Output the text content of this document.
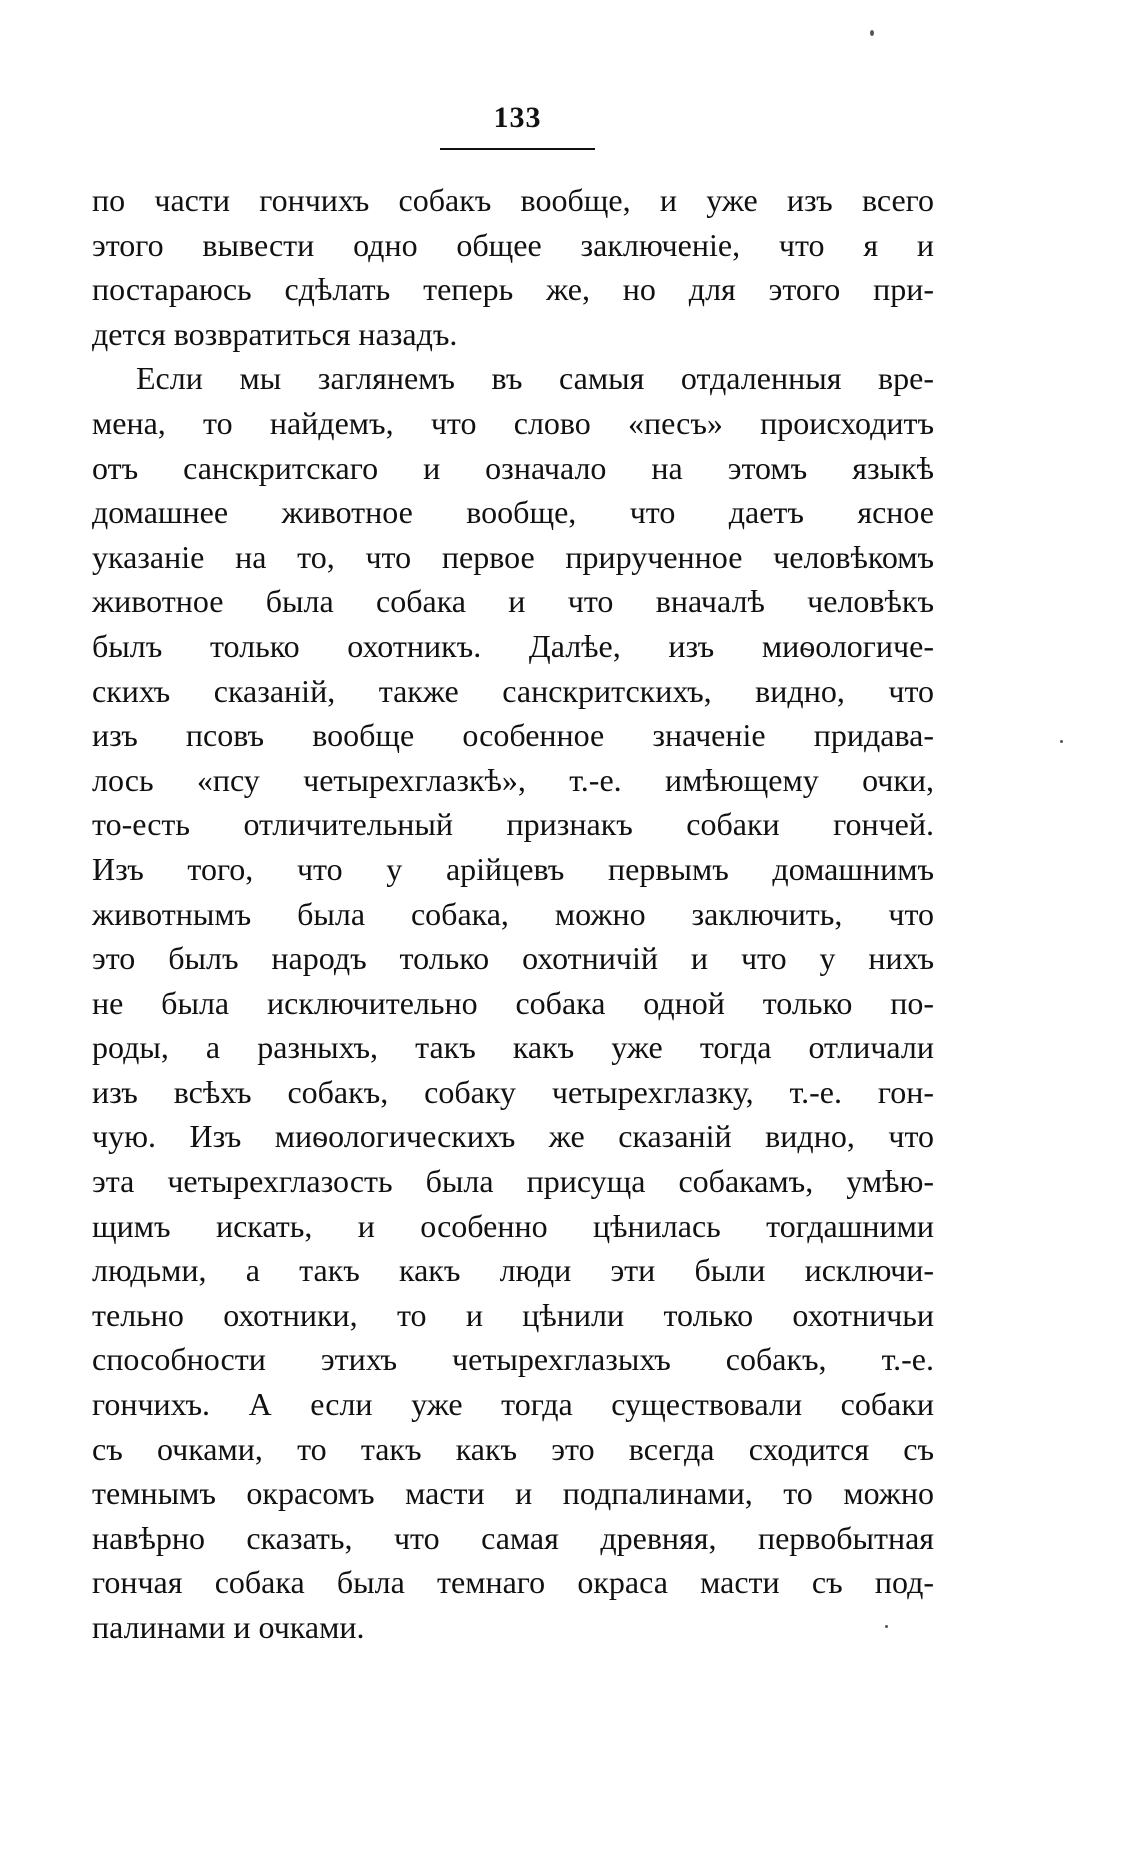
133
по части гончихъ собакъ вообще, и уже изъ всего
этого вывести одно общее заключеніе, что я и
постараюсь сдѣлать теперь же, но для этого при-
дется возвратиться назадъ.
Если мы заглянемъ въ самыя отдаленныя вре-
мена, то найдемъ, что слово «песъ» происходитъ
отъ санскритскаго и означало на этомъ языкѣ
домашнее животное вообще, что даетъ ясное
указаніе на то, что первое прирученное человѣкомъ
животное была собака и что вначалѣ человѣкъ
былъ только охотникъ. Далѣе, изъ миѳологиче-
скихъ сказаній, также санскритскихъ, видно, что
изъ псовъ вообще особенное значеніе придава-
лось «псу четырехглазкѣ», т.-е. имѣющему очки,
то-есть отличительный признакъ собаки гончей.
Изъ того, что у арійцевъ первымъ домашнимъ
животнымъ была собака, можно заключить, что
это былъ народъ только охотничій и что у нихъ
не была исключительно собака одной только по-
роды, а разныхъ, такъ какъ уже тогда отличали
изъ всѣхъ собакъ, собаку четырехглазку, т.-е. гон-
чую. Изъ миѳологическихъ же сказаній видно, что
эта четырехглазость была присуща собакамъ, умѣю-
щимъ искать, и особенно цѣнилась тогдашними
людьми, а такъ какъ люди эти были исключи-
тельно охотники, то и цѣнили только охотничьи
способности этихъ четырехглазыхъ собакъ, т.-е.
гончихъ. А если уже тогда существовали собаки
съ очками, то такъ какъ это всегда сходится съ
темнымъ окрасомъ масти и подпалинами, то можно
навѣрно сказать, что самая древняя, первобытная
гончая собака была темнаго окраса масти съ под-
палинами и очками.
